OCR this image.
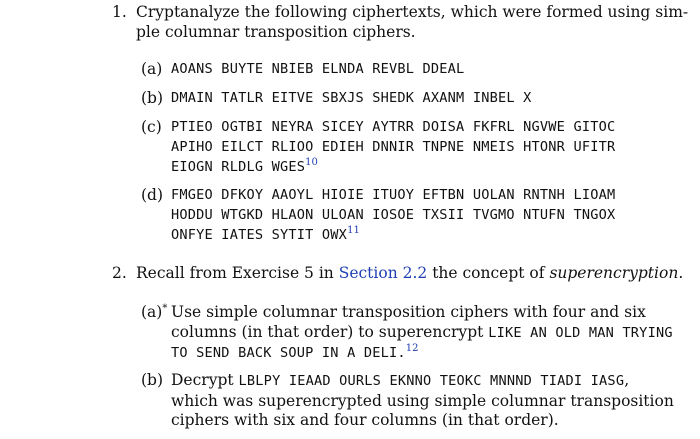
1. Cryptanalyze the following ciphertexts, which were formed using sim-
ple columnar transposition ciphers.
(a) AOANS BUYTE NBIEB ELNDA REVBL DDEAL
(b) DMAIN TATLR EITVE SBXJS SHEDK AXANM INBEL X
(c) PTIEO OGTBI NEYRA SICEY AYTRR DOISA FKFRL NGVWE GITOC
APIHO EILCT RLIOO EDIEH DNNIR TNPNE NMEIS HTONR UFITR
EIOGN RLDLG WGES$^{10}$
(d) FMGEO DFKOY AAOYL HIOIE ITUOY EFTBN UOLAN RNTNH LIOAM
HODDU WTGKD HLAON ULOAN IOSOE TXSII TVGMO NTUFN TNGOX
ONFYE IATES SYTIT OWX$^{11}$
2. Recall from Exercise 5 in Section 2.2 the concept of superencryption.
(a)* Use simple columnar transposition ciphers with four and six
columns (in that order) to superencrypt LIKE AN OLD MAN TRYING
TO SEND BACK SOUP IN A DELI.$^{12}$
(b) Decrypt LBLPY IEAAD OURLS EKNNO TEOKC MNNND TIADI IASG,
which was superencrypted using simple columnar transposition
ciphers with six and four columns (in that order).
